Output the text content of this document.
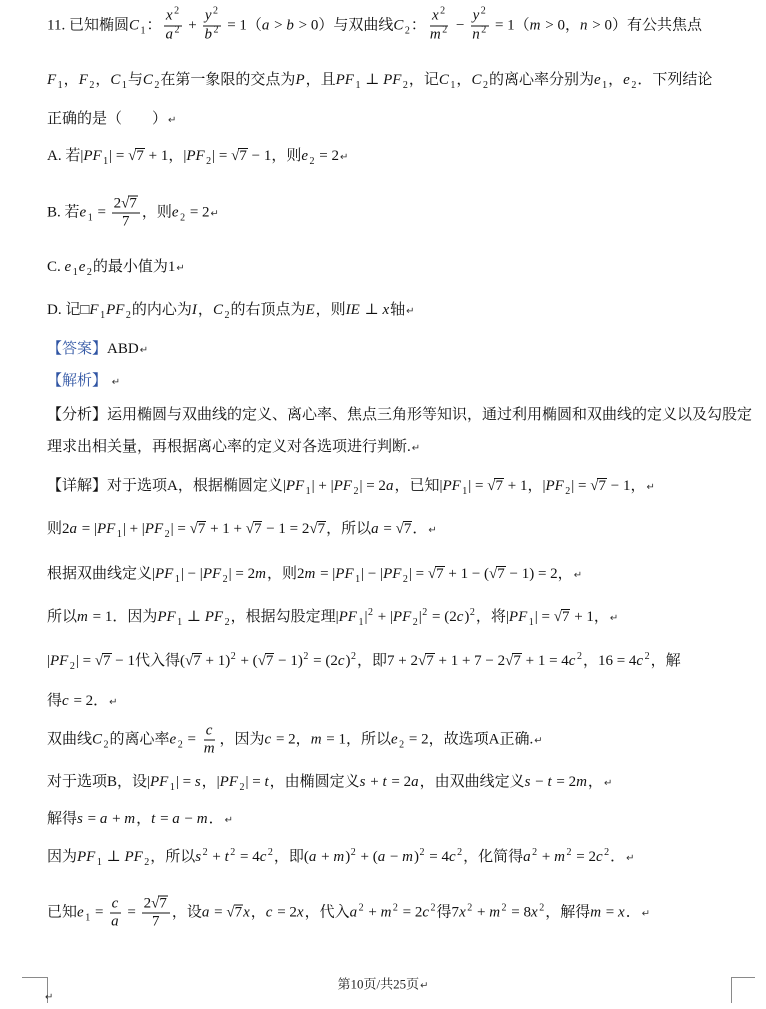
11. 已知椭圆C $_1$： $\frac{x ^2}{a ^2} + \frac{y ^2}{b ^2} = 1(a > b > 0)$与双曲线C $_2$： $\frac{x ^2}{m ^2} - \frac{y ^2}{n ^2} = 1(m > 0$，n > 0）有公共焦点
F $_1$，F $_2$，C $_1$与C $_2$在第一象限的交点为P，且PF $_1$ ⊥ PF $_2$，记C $_1$，C $_2$的离心率分别为e $_1$，e $_2$．下列结论
正确的是（　　）↵
A. 若|PF $_1$| = √ 7 + 1，|PF $_2$| = √ 7 − 1，则e $_2$ = 2↵
B. 若e $_1 = \frac{2 √ 7}{7}$ ，则e $_2$ = 2↵
C. e $_1$e $_2$的最小值为1↵
D. 记□F $_1$PF $_2$的内心为I，C $_2$的右顶点为E，则IE ⊥ x轴↵
【答案】ABD↵
【解析】 ↵
【分析】运用椭圆与双曲线的定义、离心率、焦点三角形等知识，通过利用椭圆和双曲线的定义以及勾股定
理求出相关量，再根据离心率的定义对各选项进行判断.↵
【详解】对于选项A，根据椭圆定义|PF $_1$| + |PF $_2$| = 2a，已知|PF $_1$| = √ 7 + 1，|PF $_2$| = √ 7 − 1，↵
则2a = |PF $_1$| + |PF $_2$| = √ 7 + 1 + √ 7 − 1 = 2 √ 7，所以a = √ 7．↵
根据双曲线定义|PF $_1$| − |PF $_2$| = 2m，则2m = |PF $_1$| − |PF $_2$| = √ 7 + 1 − ( √ 7 − 1) = 2，↵
所以m = 1．因为PF $_1$ ⊥ PF $_2$，根据勾股定理|PF $_1|^2 + |PF$ $_2|^2 = (2c)^2$，将|PF $_1$| = √ 7 + 1，↵
|PF $_2$| = √ 7 − 1代入得( √ 7 + 1)$^2$ + ( √ $7 - 1)^2 = (2c)^2$，即7 + 2 √ 7 + 1 + 7 − 2 √ 7 + 1 = 4c $^2$，16 = 4c $^2$，解
得c = 2．↵
双曲线C $_2$的离心率e $_2 = \frac{c}{m}$ ，因为c = 2，m = 1，所以e $_2$ = 2，故选项A正确.↵
对于选项B，设|PF $_1$| = s，|PF $_2$| = t，由椭圆定义s + t = 2a，由双曲线定义s − t = 2m，↵
解得s = a + m，t = a − m．↵
因为PF $_1$ ⊥ PF $_2$，所以s $^2$ + t $^2$ = 4c $^2$，即$(a + m)^2 + (a - m)^2 = 4c$ $^2$，化简得a $^2$ + m $^2$ = 2c $^2$．↵
已知e $_1 = \frac{c}{a} = \frac{2 √ 7}{7}$ ，设a = √ 7x，c = 2x，代入a $^2$ + m $^2$ = 2c $^2$得7x $^2$ + m $^2$ = 8x $^2$，解得m = x．↵
第10页/共25页↵
↵
